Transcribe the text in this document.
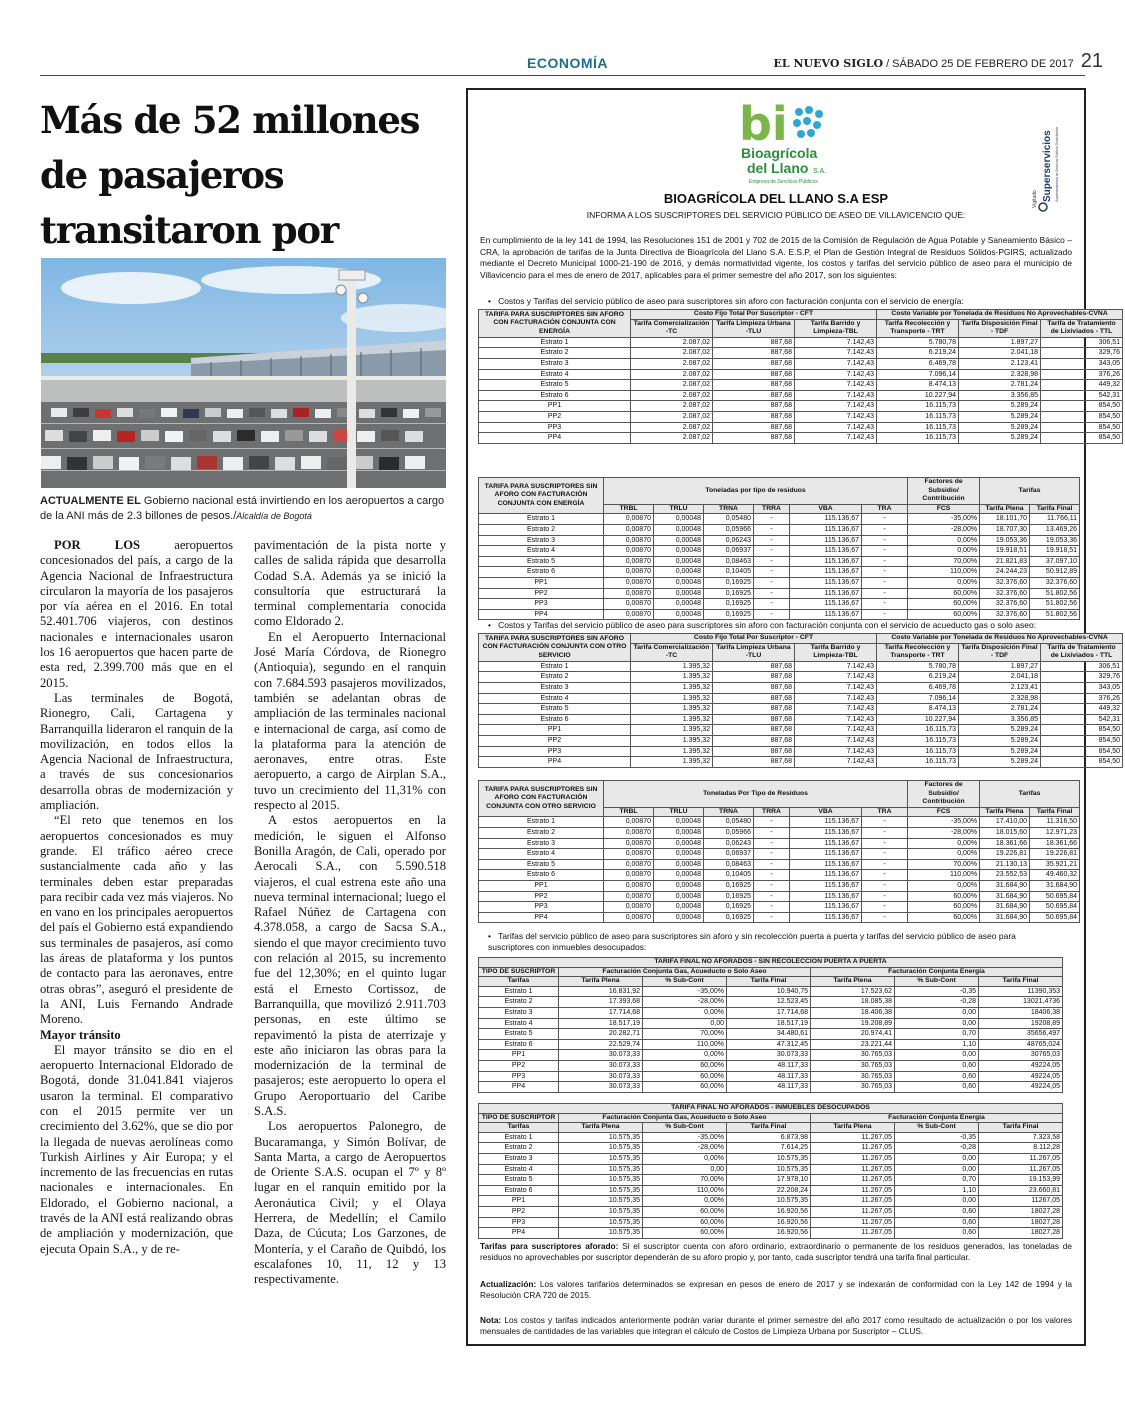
ECONOMÍA	EL NUEVO SIGLO / SÁBADO 25 DE FEBRERO DE 2017 21
Más de 52 millones de pasajeros transitaron por
ACTUALMENTE EL Gobierno nacional está invirtiendo en los aeropuertos a cargo de la ANI más de 2.3 billones de pesos./Alcaldía de Bogotá

POR LOS aeropuertos concesionados del país, a cargo de la Agencia Nacional de Infraestructura circularon la mayoría de los pasajeros por vía aérea en el 2016. En total 52.401.706 viajeros, con destinos nacionales e internacionales usaron los 16 aeropuertos que hacen parte de esta red, 2.399.700 más que en el 2015.

Las terminales de Bogotá, Rionegro, Cali, Cartagena y Barranquilla lideraron el ranquin de la movilización, en todos ellos la Agencia Nacional de Infraestructura, a través de sus concesionarios desarrolla obras de modernización y ampliación.

“El reto que tenemos en los aeropuertos concesionados es muy grande. El tráfico aéreo crece sustancialmente cada año y las terminales deben estar preparadas para recibir cada vez más viajeros. No en vano en los principales aeropuertos del país el Gobierno está expandiendo sus terminales de pasajeros, así como las áreas de plataforma y los puntos de contacto para las aeronaves, entre otras obras”, aseguró el presidente de la ANI, Luis Fernando Andrade Moreno.

Mayor tránsito

El mayor tránsito se dio en el aeropuerto Internacional Eldorado de Bogotá, donde 31.041.841 viajeros usaron la terminal. El comparativo con el 2015 permite ver un crecimiento del 3.62%, que se dio por la llegada de nuevas aerolíneas como Turkish Airlines y Air Europa; y el incremento de las frecuencias en rutas nacionales e internacionales. En Eldorado, el Gobierno nacional, a través de la ANI está realizando obras de ampliación y modernización, que ejecuta Opain S.A., y de re-

pavimentación de la pista norte y calles de salida rápida que desarrolla Codad S.A. Además ya se inició la consultoría que estructurará la terminal complementaria conocida como Eldorado 2.

En el Aeropuerto Internacional José María Córdova, de Rionegro (Antioquia), segundo en el ranquin con 7.684.593 pasajeros movilizados, también se adelantan obras de ampliación de las terminales nacional e internacional de carga, así como de la plataforma para la atención de aeronaves, entre otras. Este aeropuerto, a cargo de Airplan S.A., tuvo un crecimiento del 11,31% con respecto al 2015.

A estos aeropuertos en la medición, le siguen el Alfonso Bonilla Aragón, de Cali, operado por Aerocali S.A., con 5.590.518 viajeros, el cual estrena este año una nueva terminal internacional; luego el Rafael Núñez de Cartagena con 4.378.058, a cargo de Sacsa S.A., siendo el que mayor crecimiento tuvo con relación al 2015, su incremento fue del 12,30%; en el quinto lugar está el Ernesto Cortissoz, de Barranquilla, que movilizó 2.911.703 personas, en este último se repavimentó la pista de aterrizaje y este año iniciaron las obras para la modernización de la terminal de pasajeros; este aeropuerto lo opera el Grupo Aeroportuario del Caribe S.A.S.

Los aeropuertos Palonegro, de Bucaramanga, y Simón Bolívar, de Santa Marta, a cargo de Aeropuertos de Oriente S.A.S. ocupan el 7º y 8º lugar en el ranquin emitido por la Aeronáutica Civil; y el Olaya Herrera, de Medellín; el Camilo Daza, de Cúcuta; Los Garzones, de Montería, y el Caraño de Quibdó, los escalafones 10, 11, 12 y 13 respectivamente.

bi
Bioagrícola
del Llano S.A.
Empresa de Servicios Públicos	Superservicios Superintendencia de Servicios Públicos Domiciliarios
Vigilado
BIOAGRÍCOLA DEL LLANO S.A ESP
INFORMA A LOS SUSCRIPTORES DEL SERVICIO PÚBLICO DE ASEO DE VILLAVICENCIO QUE:
En cumplimiento de la ley 141 de 1994, las Resoluciones 151 de 2001 y 702 de 2015 de la Comisión de Regulación de Agua Potable y Saneamiento Básico – CRA, la aprobación de tarifas de la Junta Directiva de Bioagrícola del Llano S.A. E.S.P, el Plan de Gestión Integral de Residuos Sólidos-PGIRS, actualizado mediante el Decreto Municipal 1000-21-190 de 2016, y demás normatividad vigente, los costos y tarifas del servicio público de aseo para el municipio de Villavicencio para el mes de enero de 2017, aplicables para el primer semestre del año 2017, son los siguientes:
•   Costos y Tarifas del servicio público de aseo para suscriptores sin aforo con facturación conjunta con el servicio de energía:
TARIFA PARA SUSCRIPTORES SIN AFORO CON FACTURACIÓN CONJUNTA CON ENERGÍA	Costo Fijo Total Por Suscriptor - CFT			Costo Variable por Tonelada de Residuos No Aprovechables-CVNA		
	Tarifa Comercialización -TC	Tarifa Limpieza Urbana -TLU	Tarifa Barrido y Limpieza-TBL	Tarifa Recolección y Transporte - TRT	Tarifa Disposición Final - TDF	Tarifa de Tratamiento de Lixiviados - TTL
Estrato 1	2.087,02	887,68	7.142,43	5.780,78	1.897,27	306,51
Estrato 2	2.087,02	887,68	7.142,43	6.219,24	2.041,18	329,76
Estrato 3	2.087,02	887,68	7.142,43	6.469,78	2.123,41	343,05
Estrato 4	2.087,02	887,68	7.142,43	7.096,14	2.328,98	376,26
Estrato 5	2.087,02	887,68	7.142,43	8.474,13	2.781,24	449,32
Estrato 6	2.087,02	887,68	7.142,43	10.227,94	3.356,85	542,31
PP1	2.087,02	887,68	7.142,43	16.115,73	5.289,24	854,50
PP2	2.087,02	887,68	7.142,43	16.115,73	5.289,24	854,50
PP3	2.087,02	887,68	7.142,43	16.115,73	5.289,24	854,50
PP4	2.087,02	887,68	7.142,43	16.115,73	5.289,24	854,50
TARIFA PARA SUSCRIPTORES SIN AFORO CON FACTURACIÓN CONJUNTA CON ENERGÍA	Toneladas por tipo de residuos						Factores de Subsidio/ Contribución	Tarifas	
	TRBL	TRLU	TRNA	TRRA	VBA	TRA	FCS	Tarifa Plena	Tarifa Final
Estrato 1	0,00870	0,00048	0,05480	-	115.136,67	-	-35,00%	18.101,70	11.766,11
Estrato 2	0,00870	0,00048	0,05966	-	115.136,67	-	-28,00%	18.707,30	13.469,26
Estrato 3	0,00870	0,00048	0,06243	-	115.136,67	-	0,00%	19.053,36	19.053,36
Estrato 4	0,00870	0,00048	0,06937	-	115.136,67	-	0,00%	19.918,51	19.918,51
Estrato 5	0,00870	0,00048	0,08463	-	115.136,67	-	70,00%	21.821,83	37.097,10
Estrato 6	0,00870	0,00048	0,10405	-	115.136,67	-	110,00%	24.244,23	50.912,89
PP1	0,00870	0,00048	0,16925	-	115.136,67	-	0,00%	32.376,60	32.376,60
PP2	0,00870	0,00048	0,16925	-	115.136,67	-	60,00%	32.376,60	51.802,56
PP3	0,00870	0,00048	0,16925	-	115.136,67	-	60,00%	32.376,60	51.802,56
PP4	0,00870	0,00048	0,16925	-	115.136,67	-	60,00%	32.376,60	51.802,56
•   Costos y Tarifas del servicio público de aseo para suscriptores sin aforo con facturación conjunta con el servicio de acueducto gas o solo aseo:
TARIFA PARA SUSCRIPTORES SIN AFORO CON FACTURACIÓN CONJUNTA CON OTRO SERVICIO	Costo Fijo Total Por Suscriptor - CFT			Costo Variable por Tonelada de Residuos No Aprovechables-CVNA		
	Tarifa Comercialización -TC	Tarifa Limpieza Urbana -TLU	Tarifa Barrido y Limpieza-TBL	Tarifa Recolección y Transporte - TRT	Tarifa Disposición Final - TDF	Tarifa de Tratamiento de Lixiviados - TTL
Estrato 1	1.395,32	887,68	7.142,43	5.780,78	1.897,27	306,51
Estrato 2	1.395,32	887,68	7.142,43	6.219,24	2.041,18	329,76
Estrato 3	1.395,32	887,68	7.142,43	6.469,78	2.123,41	343,05
Estrato 4	1.395,32	887,68	7.142,43	7.096,14	2.328,98	376,26
Estrato 5	1.395,32	887,68	7.142,43	8.474,13	2.781,24	449,32
Estrato 6	1.395,32	887,68	7.142,43	10.227,94	3.356,85	542,31
PP1	1.395,32	887,68	7.142,43	16.115,73	5.289,24	854,50
PP2	1.395,32	887,68	7.142,43	16.115,73	5.289,24	854,50
PP3	1.395,32	887,68	7.142,43	16.115,73	5.289,24	854,50
PP4	1.395,32	887,68	7.142,43	16.115,73	5.289,24	854,50
TARIFA PARA SUSCRIPTORES SIN AFORO CON FACTURACIÓN CONJUNTA CON OTRO SERVICIO	Toneladas Por Tipo de Residuos						Factores de Subsidio/ Contribución	Tarifas	
	TRBL	TRLU	TRNA	TRRA	VBA	TRA	FCS	Tarifa Plena	Tarifa Final
Estrato 1	0,00870	0,00048	0,05480	-	115.136,67	-	-35,00%	17.410,00	11.316,50
Estrato 2	0,00870	0,00048	0,05966	-	115.136,67	-	-28,00%	18.015,60	12.971,23
Estrato 3	0,00870	0,00048	0,06243	-	115.136,67	-	0,00%	18.361,66	18.361,66
Estrato 4	0,00870	0,00048	0,06937	-	115.136,67	-	0,00%	19.226,81	19.226,81
Estrato 5	0,00870	0,00048	0,08463	-	115.136,67	-	70,00%	21.130,13	35.921,21
Estrato 6	0,00870	0,00048	0,10405	-	115.136,67	-	110,00%	23.552,53	49.460,32
PP1	0,00870	0,00048	0,16925	-	115.136,67	-	0,00%	31.684,90	31.684,90
PP2	0,00870	0,00048	0,16925	-	115.136,67	-	60,00%	31.684,90	50.695,84
PP3	0,00870	0,00048	0,16925	-	115.136,67	-	60,00%	31.684,90	50.695,84
PP4	0,00870	0,00048	0,16925	-	115.136,67	-	60,00%	31.684,90	50.695,84
•   Tarifas del servicio público de aseo para suscriptores sin aforo y sin recolección puerta a puerta y tarifas del servicio público de aseo para suscriptores con inmuebles desocupados:
TARIFA FINAL NO AFORADOS - SIN RECOLECCION PUERTA A PUERTA						
TIPO DE SUSCRIPTOR	Facturación Conjunta Gas, Acueducto o Solo Aseo			Facturación Conjunta Energía		
Tarifas	Tarifa Plena	% Sub-Cont	Tarifa Final	Tarifa Plena	% Sub-Cont	Tarifa Final
Estrato 1	16.831,92	-35,00%	10.940,75	17.523,62	-0,35	11390,353
Estrato 2	17.393,68	-28,00%	12.523,45	18.085,38	-0,28	13021,4736
Estrato 3	17.714,68	0,00%	17.714,68	18.406,38	0,00	18406,38
Estrato 4	18.517,19	0,00	18.517,19	19.208,89	0,00	19208,89
Estrato 5	20.282,71	70,00%	34.480,61	20.974,41	0,70	35656,497
Estrato 6	22.529,74	110,00%	47.312,45	23.221,44	1,10	48765,024
PP1	30.073,33	0,00%	30.073,33	30.765,03	0,00	30765,03
PP2	30.073,33	60,00%	48.117,33	30.765,03	0,60	49224,05
PP3	30.073,33	60,00%	48.117,33	30.765,03	0,60	49224,05
PP4	30.073,33	60,00%	48.117,33	30.765,03	0,60	49224,05
TARIFA FINAL NO AFORADOS - INMUEBLES DESOCUPADOS						
TIPO DE SUSCRIPTOR	Facturación Conjunta Gas, Acueducto o Solo Aseo			Facturación Conjunta Energía		
Tarifas	Tarifa Plena	% Sub-Cont	Tarifa Final	Tarifa Plena	% Sub-Cont	Tarifa Final
Estrato 1	10.575,35	-35,00%	6.873,98	11.267,05	-0,35	7.323,58
Estrato 2	10.575,35	-28,00%	7.614,25	11.267,05	-0,28	8.112,28
Estrato 3	10.575,35	0,00%	10.575,35	11.267,05	0,00	11.267,05
Estrato 4	10.575,35	0,00	10.575,35	11.267,05	0,00	11.267,05
Estrato 5	10.575,35	70,00%	17.978,10	11.267,05	0,70	19.153,99
Estrato 6	10.575,35	110,00%	22.208,24	11.267,05	1,10	23.660,81
PP1	10.575,35	0,00%	10.575,35	11.267,05	0,00	11267,05
PP2	10.575,35	60,00%	16.920,56	11.267,05	0,60	18027,28
PP3	10.575,35	60,00%	16.920,56	11.267,05	0,60	18027,28
PP4	10.575,35	60,00%	16.920,56	11.267,05	0,60	18027,28
Tarifas para suscriptores aforado: Si el suscriptor cuenta con aforo ordinario, extraordinario o permanente de los residuos generados, las toneladas de residuos no aprovechables por suscriptor dependerán de su aforo propio y, por tanto, cada suscriptor tendrá una tarifa final particular.
Actualización: Los valores tarifarios determinados se expresan en pesos de enero de 2017 y se indexarán de conformidad con la Ley 142 de 1994 y la Resolución CRA 720 de 2015.
Nota: Los costos y tarifas indicados anteriormente podrán variar durante el primer semestre del año 2017 como resultado de actualización o por los valores mensuales de cantidades de las variables que integran el cálculo de Costos de Limpieza Urbana por Suscriptor – CLUS.
